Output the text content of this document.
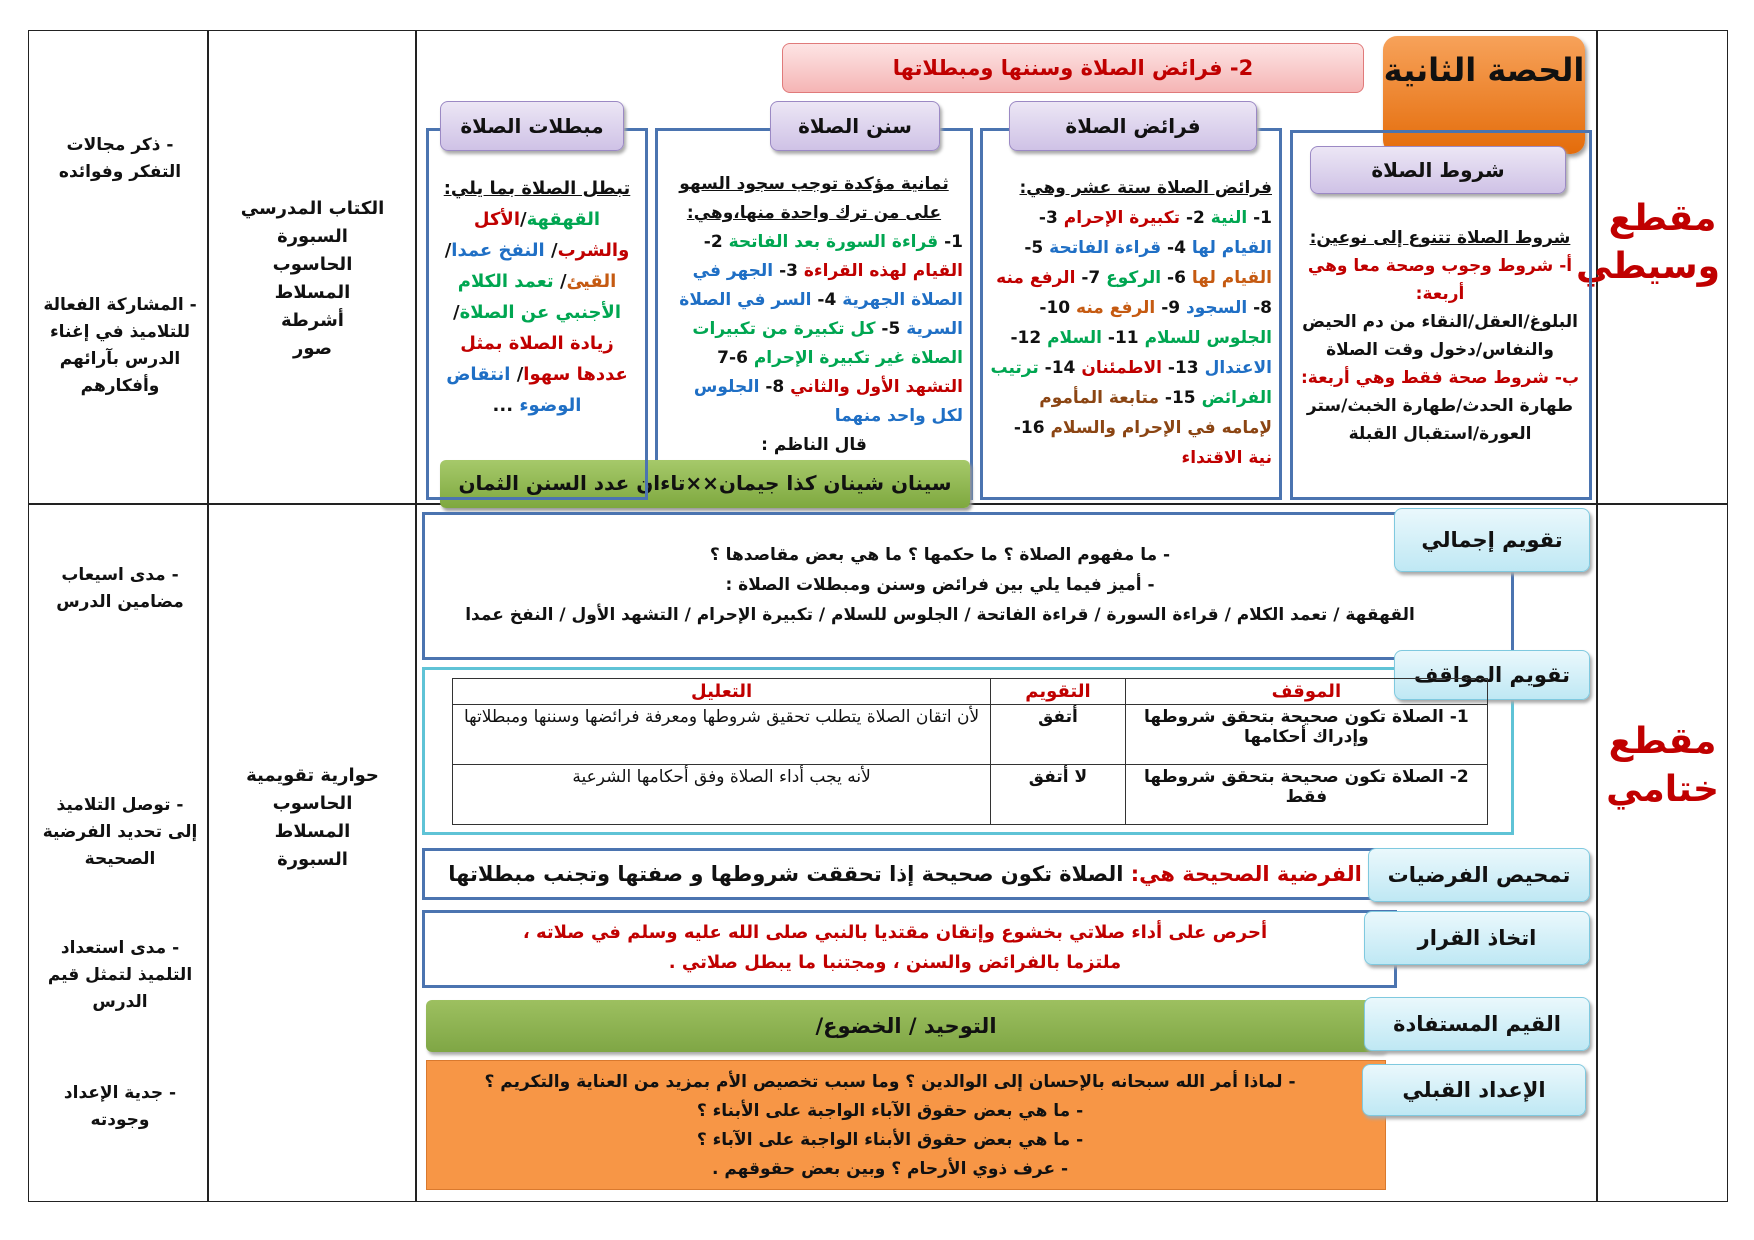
- ذكر مجالات التفكر وفوائده
- المشاركة الفعالة للتلاميذ في إغناء الدرس بآرائهم وأفكارهم
- مدى اسيعاب مضامين الدرس
- توصل التلاميذ إلى تحديد الفرضية الصحيحة
- مدى استعداد التلميذ لتمثل قيم الدرس
- جدية الإعداد وجودته
الكتاب المدرسي
السبورة
الحاسوب
المسلاط
أشرطة
صور
حوارية تقويمية
الحاسوب
المسلاط
السبورة
مقطع وسيطي
مقطع ختامي
الحصة الثانية
2- فرائض الصلاة وسننها ومبطلاتها
شروط الصلاة
شروط الصلاة تتنوع إلى نوعين:
أ- شروط وجوب وصحة معا وهي أربعة:
البلوغ/العقل/النقاء من دم الحيض والنفاس/دخول وقت الصلاة
ب- شروط صحة فقط وهي أربعة:
طهارة الحدث/طهارة الخبث/ستر العورة/استقبال القبلة
فرائض الصلاة
فرائض الصلاة ستة عشر وهي:
1- النية 2- تكبيرة الإحرام 3- القيام لها 4- قراءة الفاتحة 5- القيام لها 6- الركوع 7- الرفع منه 8- السجود 9- الرفع منه 10- الجلوس للسلام 11- السلام 12- الاعتدال 13- الاطمئنان 14- ترتيب الفرائض 15- متابعة المأموم لإمامه في الإحرام والسلام 16- نية الاقتداء
سنن الصلاة
ثمانية مؤكدة توجب سجود السهو على من ترك واحدة منها،وهي:
1- قراءة السورة بعد الفاتحة 2- القيام لهذه القراءة 3- الجهر في الصلاة الجهرية 4- السر في الصلاة السرية 5- كل تكبيرة من تكبيرات الصلاة غير تكبيرة الإحرام 6-7 التشهد الأول والثاني 8- الجلوس لكل واحد منهما
قال الناظم :
سينان شينان كذا جيمان××تاءان عدد السنن الثمان
مبطلات الصلاة
تبطل الصلاة بما يلي:
القهقهة/الأكل والشرب/ النفخ عمدا/ القيئ/ تعمد الكلام الأجنبي عن الصلاة/ زيادة الصلاة بمثل عددها سهوا/ انتقاض الوضوء ...
تقويم إجمالي
- ما مفهوم الصلاة ؟ ما حكمها ؟ ما هي بعض مقاصدها ؟
- أميز فيما يلي بين فرائض وسنن ومبطلات الصلاة :
القهقهة / تعمد الكلام / قراءة السورة / قراءة الفاتحة / الجلوس للسلام / تكبيرة الإحرام / التشهد الأول / النفخ عمدا
تقويم المواقف
الموقف	التقويم	التعليل
1- الصلاة تكون صحيحة بتحقق شروطها وإدراك أحكامها	أتفق	لأن اتقان الصلاة يتطلب تحقيق شروطها ومعرفة فرائضها وسننها ومبطلاتها
2- الصلاة تكون صحيحة بتحقق شروطها فقط	لا أتفق	لأنه يجب أداء الصلاة وفق أحكامها الشرعية
تمحيص الفرضيات
الفرضية الصحيحة هي: الصلاة تكون صحيحة إذا تحققت شروطها و صفتها وتجنب مبطلاتها
اتخاذ القرار
أحرص على أداء صلاتي بخشوع وإتقان مقتديا بالنبي صلى الله عليه وسلم في صلاته ،
ملتزما بالفرائض والسنن ، ومجتنبا ما يبطل صلاتي .
التوحيد / الخضوع/	القيم المستفادة
الإعداد القبلي
- لماذا أمر الله سبحانه بالإحسان إلى الوالدين ؟ وما سبب تخصيص الأم بمزيد من العناية والتكريم ؟
- ما هي بعض حقوق الآباء الواجبة على الأبناء ؟
- ما هي بعض حقوق الأبناء الواجبة على الآباء ؟
- عرف ذوي الأرحام ؟ وبين بعض حقوقهم .
